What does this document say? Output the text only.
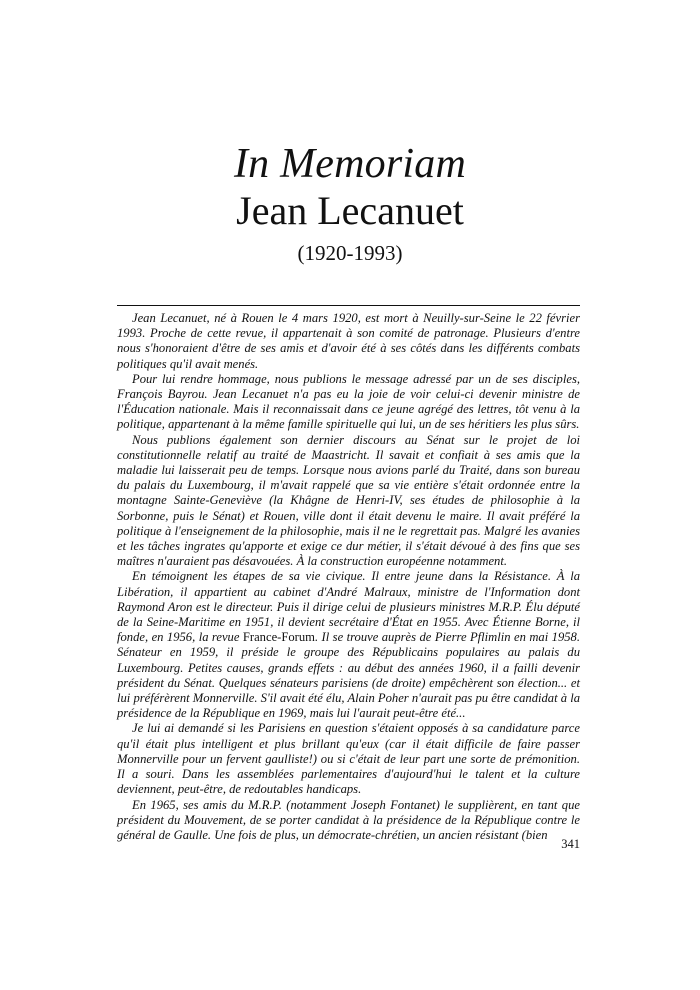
In Memoriam
Jean Lecanuet
(1920-1993)

Jean Lecanuet, né à Rouen le 4 mars 1920, est mort à Neuilly-sur-Seine le 22 février 1993. Proche de cette revue, il appartenait à son comité de patronage. Plusieurs d'entre nous s'honoraient d'être de ses amis et d'avoir été à ses côtés dans les différents combats politiques qu'il avait menés.

Pour lui rendre hommage, nous publions le message adressé par un de ses disciples, François Bayrou. Jean Lecanuet n'a pas eu la joie de voir celui-ci devenir ministre de l'Éducation nationale. Mais il reconnaissait dans ce jeune agrégé des lettres, tôt venu à la politique, appartenant à la même famille spirituelle qui lui, un de ses héritiers les plus sûrs.

Nous publions également son dernier discours au Sénat sur le projet de loi constitutionnelle relatif au traité de Maastricht. Il savait et confiait à ses amis que la maladie lui laisserait peu de temps. Lorsque nous avions parlé du Traité, dans son bureau du palais du Luxembourg, il m'avait rappelé que sa vie entière s'était ordonnée entre la montagne Sainte-Geneviève (la Khâgne de Henri-IV, ses études de philosophie à la Sorbonne, puis le Sénat) et Rouen, ville dont il était devenu le maire. Il avait préféré la politique à l'enseignement de la philosophie, mais il ne le regrettait pas. Malgré les avanies et les tâches ingrates qu'apporte et exige ce dur métier, il s'était dévoué à des fins que ses maîtres n'auraient pas désavouées. À la construction européenne notamment.

En témoignent les étapes de sa vie civique. Il entre jeune dans la Résistance. À la Libération, il appartient au cabinet d'André Malraux, ministre de l'Information dont Raymond Aron est le directeur. Puis il dirige celui de plusieurs ministres M.R.P. Élu député de la Seine-Maritime en 1951, il devient secrétaire d'État en 1955. Avec Étienne Borne, il fonde, en 1956, la revue France-Forum. Il se trouve auprès de Pierre Pflimlin en mai 1958. Sénateur en 1959, il préside le groupe des Républicains populaires au palais du Luxembourg. Petites causes, grands effets : au début des années 1960, il a failli devenir président du Sénat. Quelques sénateurs parisiens (de droite) empêchèrent son élection... et lui préférèrent Monnerville. S'il avait été élu, Alain Poher n'aurait pas pu être candidat à la présidence de la République en 1969, mais lui l'aurait peut-être été...

Je lui ai demandé si les Parisiens en question s'étaient opposés à sa candidature parce qu'il était plus intelligent et plus brillant qu'eux (car il était difficile de faire passer Monnerville pour un fervent gaulliste!) ou si c'était de leur part une sorte de prémonition. Il a souri. Dans les assemblées parlementaires d'aujourd'hui le talent et la culture deviennent, peut-être, de redoutables handicaps.

En 1965, ses amis du M.R.P. (notamment Joseph Fontanet) le supplièrent, en tant que président du Mouvement, de se porter candidat à la présidence de la République contre le général de Gaulle. Une fois de plus, un démocrate-chrétien, un ancien résistant (bien

341
